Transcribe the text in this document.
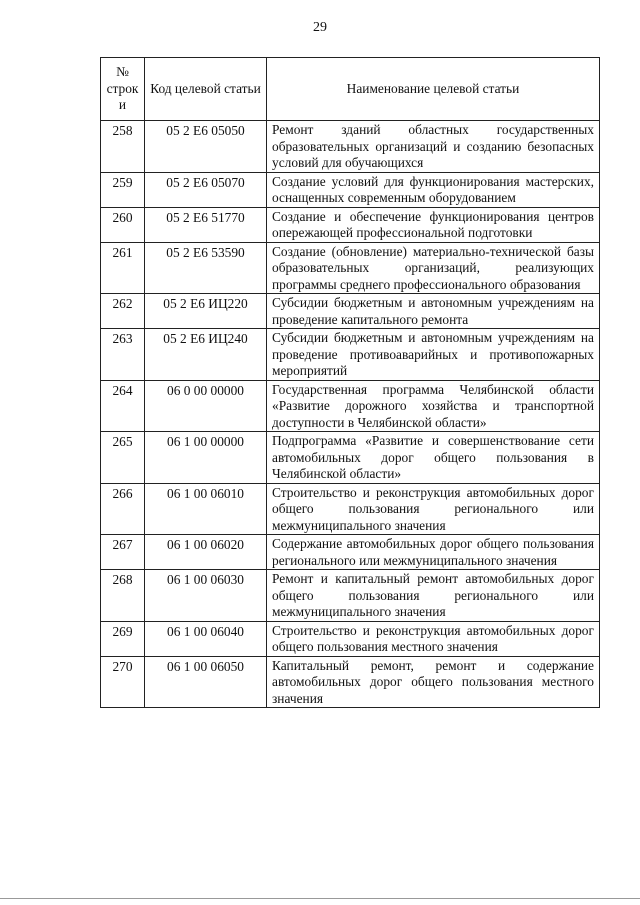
29
№ строк и	Код целевой статьи	Наименование целевой статьи
258	05 2 Е6 05050	Ремонт зданий областных государственных образовательных организаций и созданию безопасных условий для обучающихся
259	05 2 Е6 05070	Создание условий для функционирования мастерских, оснащенных современным оборудованием
260	05 2 Е6 51770	Создание и обеспечение функционирования центров опережающей профессиональной подготовки
261	05 2 Е6 53590	Создание (обновление) материально-технической базы образовательных организаций, реализующих программы среднего профессионального образования
262	05 2 Е6 ИЦ220	Субсидии бюджетным и автономным учреждениям на проведение капитального ремонта
263	05 2 Е6 ИЦ240	Субсидии бюджетным и автономным учреждениям на проведение противоаварийных и противопожарных мероприятий
264	06 0 00 00000	Государственная программа Челябинской области «Развитие дорожного хозяйства и транспортной доступности в Челябинской области»
265	06 1 00 00000	Подпрограмма «Развитие и совершенствование сети автомобильных дорог общего пользования в Челябинской области»
266	06 1 00 06010	Строительство и реконструкция автомобильных дорог общего пользования регионального или межмуниципального значения
267	06 1 00 06020	Содержание автомобильных дорог общего пользования регионального или межмуниципального значения
268	06 1 00 06030	Ремонт и капитальный ремонт автомобильных дорог общего пользования регионального или межмуниципального значения
269	06 1 00 06040	Строительство и реконструкция автомобильных дорог общего пользования местного значения
270	06 1 00 06050	Капитальный ремонт, ремонт и содержание автомобильных дорог общего пользования местного значения
